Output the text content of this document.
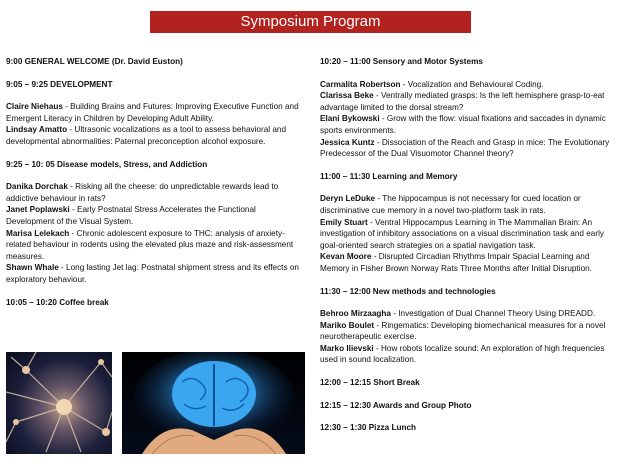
Symposium Program
9:00 GENERAL WELCOME (Dr. David Euston)
9:05 – 9:25 DEVELOPMENT
Claire Niehaus - Building Brains and Futures: Improving Executive Function and Emergent Literacy in Children by Developing Adult Ability.
Lindsay Amatto - Ultrasonic vocalizations as a tool to assess behavioral and developmental abnormalities: Paternal preconception alcohol exposure.
9:25 – 10: 05 Disease models, Stress, and Addiction
Danika Dorchak - Risking all the cheese: do unpredictable rewards lead to addictive behaviour in rats?
Janet Poplawski - Early Postnatal Stress Accelerates the Functional Development of the Visual System.
Marisa Lelekach - Chronic adolescent exposure to THC: analysis of anxiety-related behaviour in rodents using the elevated plus maze and risk-assessment measures.
Shawn Whale - Long lasting Jet lag: Postnatal shipment stress and its effects on exploratory behaviour.
10:05 – 10:20 Coffee break
10:20 – 11:00 Sensory and Motor Systems
Carmalita Robertson - Vocalization and Behavioural Coding.
Clarissa Beke - Ventrally mediated grasps: Is the left hemisphere grasp-to-eat advantage limited to the dorsal stream?
Elani Bykowski - Grow with the flow: visual fixations and saccades in dynamic sports environments.
Jessica Kuntz - Dissociation of the Reach and Grasp in mice: The Evolutionary Predecessor of the Dual Visuomotor Channel theory?
11:00 – 11:30 Learning and Memory
Deryn LeDuke - The hippocampus is not necessary for cued location or discriminative cue memory in a novel two-platform task in rats.
Emily Stuart - Ventral Hippocampus Learning in The Mammalian Brain: An investigation of inhibitory associations on a visual discrimination task and early goal-oriented search strategies on a spatial navigation task.
Kevan Moore - Disrupted Circadian Rhythms Impair Spacial Learning and Memory in Fisher Brown Norway Rats Three Months after Initial Disruption.
11:30 – 12:00 New methods and technologies
Behroo Mirzaagha - Investigation of Dual Channel Theory Using DREADD.
Mariko Boulet - Ringematics: Developing biomechanical measures for a novel neurotherapeutic exercise.
Marko Ilievski - How robots localize sound: An exploration of high frequencies used in sound localization.
12:00 – 12:15 Short Break
12:15 – 12:30 Awards and Group Photo
12:30 – 1:30 Pizza Lunch
